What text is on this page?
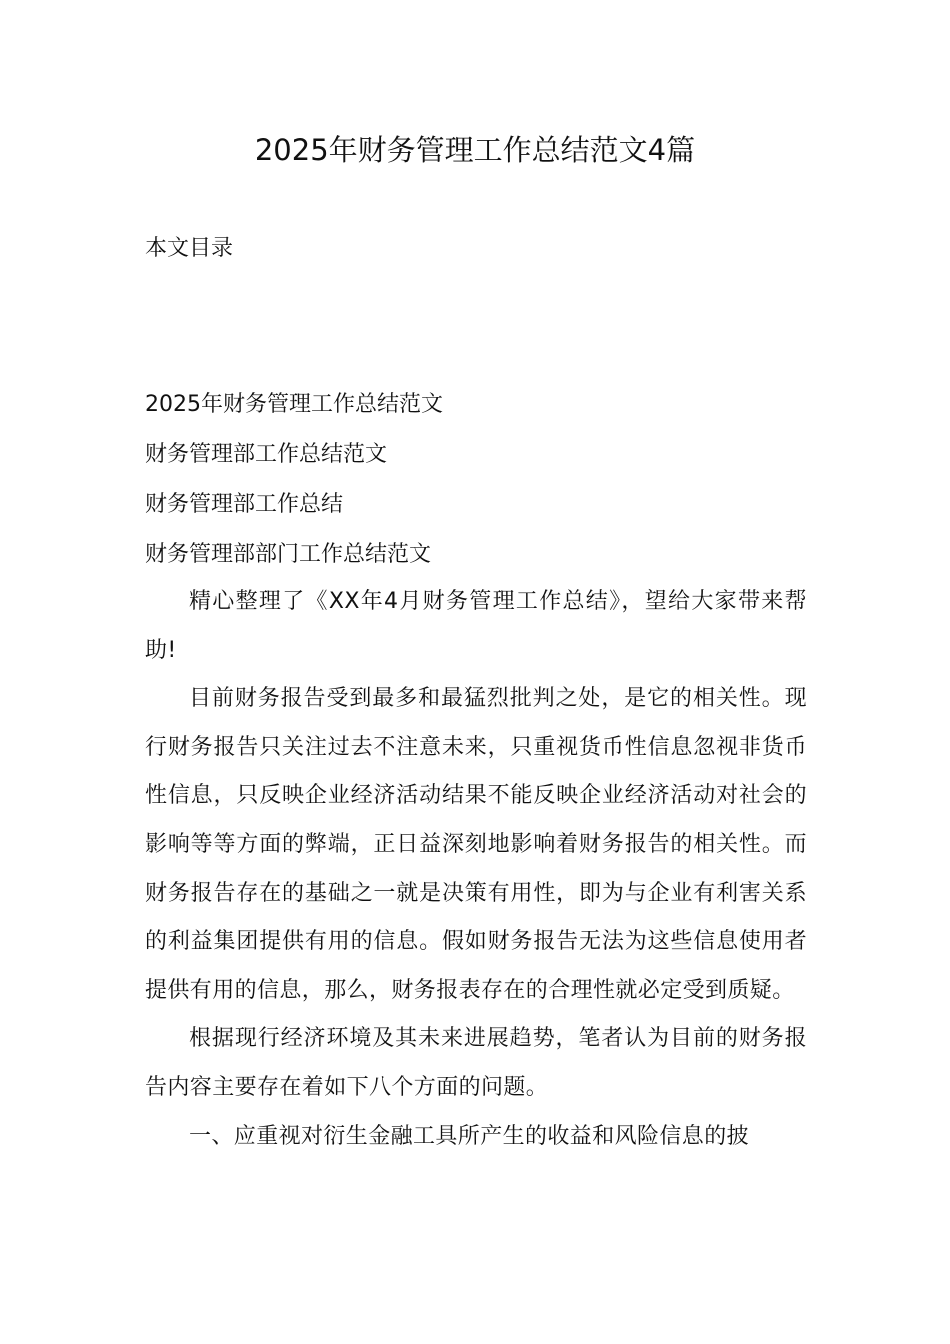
2025年财务管理工作总结范文4篇
本文目录
2025年财务管理工作总结范文
财务管理部工作总结范文
财务管理部工作总结
财务管理部部门工作总结范文

精心整理了《XX年4月财务管理工作总结》，望给大家带来帮助!

目前财务报告受到最多和最猛烈批判之处，是它的相关性。现行财务报告只关注过去不注意未来，只重视货币性信息忽视非货币性信息，只反映企业经济活动结果不能反映企业经济活动对社会的影响等等方面的弊端，正日益深刻地影响着财务报告的相关性。而财务报告存在的基础之一就是决策有用性，即为与企业有利害关系的利益集团提供有用的信息。假如财务报告无法为这些信息使用者提供有用的信息，那么，财务报表存在的合理性就必定受到质疑。

根据现行经济环境及其未来进展趋势，笔者认为目前的财务报告内容主要存在着如下八个方面的问题。

一、应重视对衍生金融工具所产生的收益和风险信息的披
